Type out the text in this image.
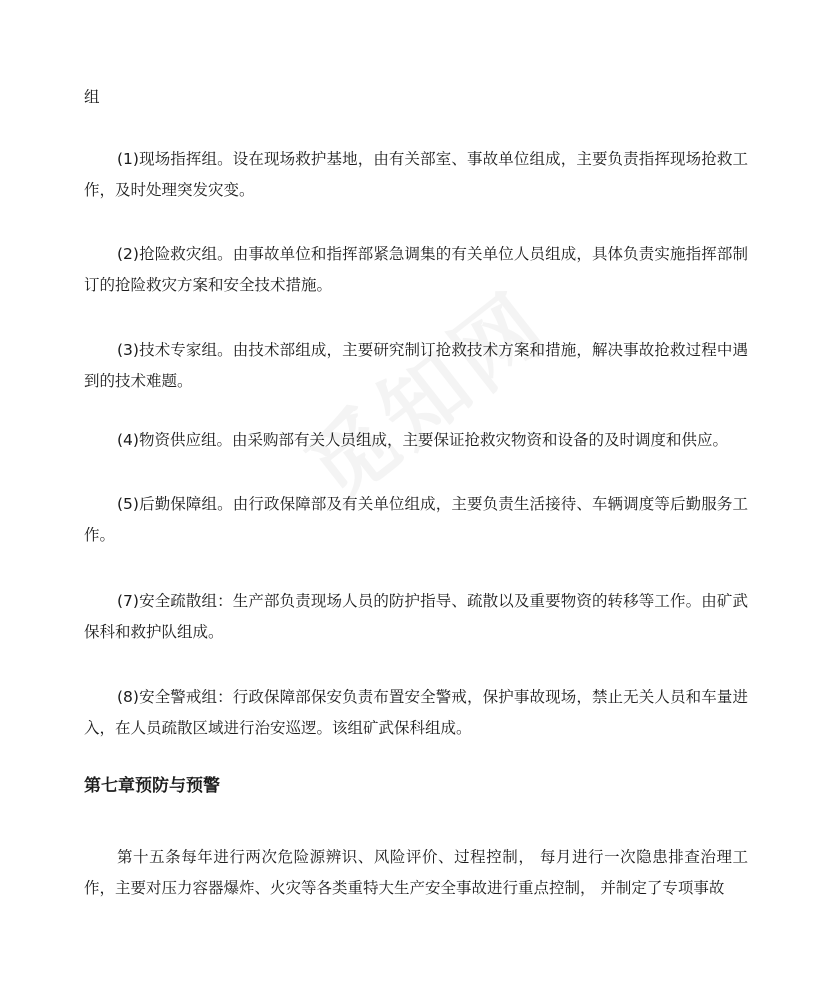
组

(1)现场指挥组。设在现场救护基地，由有关部室、事故单位组成，主要负责指挥现场抢救工作，及时处理突发灾变。

(2)抢险救灾组。由事故单位和指挥部紧急调集的有关单位人员组成，具体负责实施指挥部制订的抢险救灾方案和安全技术措施。

(3)技术专家组。由技术部组成，主要研究制订抢救技术方案和措施，解决事故抢救过程中遇到的技术难题。

(4)物资供应组。由采购部有关人员组成，主要保证抢救灾物资和设备的及时调度和供应。

(5)后勤保障组。由行政保障部及有关单位组成，主要负责生活接待、车辆调度等后勤服务工作。

(7)安全疏散组：生产部负责现场人员的防护指导、疏散以及重要物资的转移等工作。由矿武保科和救护队组成。

(8)安全警戒组：行政保障部保安负责布置安全警戒，保护事故现场，禁止无关人员和车量进入，在人员疏散区域进行治安巡逻。该组矿武保科组成。

第七章预防与预警

第十五条每年进行两次危险源辨识、风险评价、过程控制， 每月进行一次隐患排查治理工作，主要对压力容器爆炸、火灾等各类重特大生产安全事故进行重点控制， 并制定了专项事故
